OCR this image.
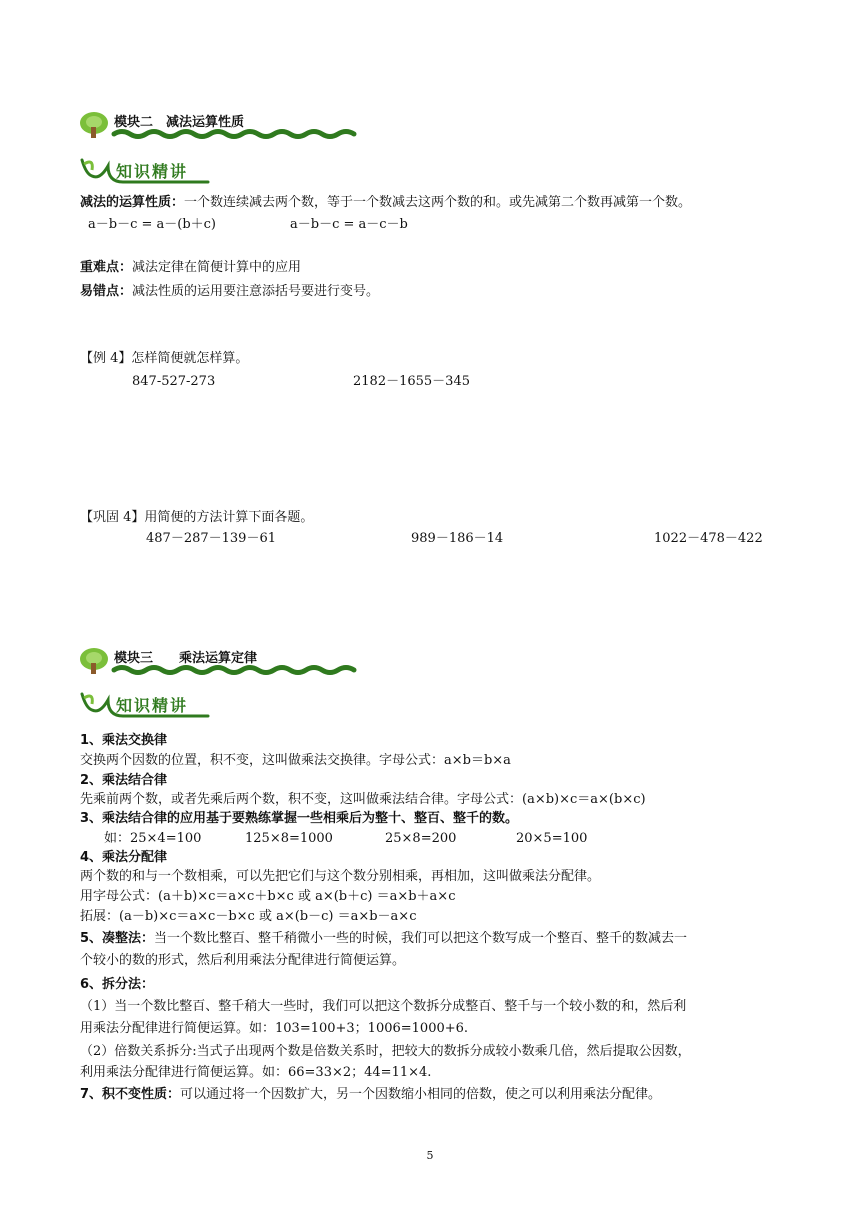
模块二　减法运算性质
知识精讲
减法的运算性质：一个数连续减去两个数，等于一个数减去这两个数的和。或先减第二个数再减第一个数。
a－b－c = a－(b＋c)	a－b－c = a－c－b
重难点：减法定律在简便计算中的应用
易错点：减法性质的运用要注意添括号要进行变号。
【例 4】怎样简便就怎样算。
847-527-273	2182－1655－345
【巩固 4】用简便的方法计算下面各题。
487－287－139－61	989－186－14	1022－478－422
模块三　　乘法运算定律
知识精讲
1、乘法交换律
交换两个因数的位置，积不变，这叫做乘法交换律。字母公式：a×b＝b×a
2、乘法结合律
先乘前两个数，或者先乘后两个数，积不变，这叫做乘法结合律。字母公式：(a×b)×c＝a×(b×c)
3、乘法结合律的应用基于要熟练掌握一些相乘后为整十、整百、整千的数。
如：25×4=100	125×8=1000	25×8=200	20×5=100
4、乘法分配律
两个数的和与一个数相乘，可以先把它们与这个数分别相乘，再相加，这叫做乘法分配律。
用字母公式：(a＋b)×c＝a×c＋b×c 或 a×(b＋c) ＝a×b＋a×c
拓展：(a－b)×c＝a×c－b×c 或 a×(b－c) ＝a×b－a×c
5、凑整法：当一个数比整百、整千稍微小一些的时候，我们可以把这个数写成一个整百、整千的数减去一
个较小的数的形式，然后利用乘法分配律进行简便运算。
6、拆分法：
（1）当一个数比整百、整千稍大一些时，我们可以把这个数拆分成整百、整千与一个较小数的和，然后利
用乘法分配律进行简便运算。如：103=100+3；1006=1000+6.
（2）倍数关系拆分:当式子出现两个数是倍数关系时，把较大的数拆分成较小数乘几倍，然后提取公因数，
利用乘法分配律进行简便运算。如：66=33×2；44=11×4.
7、积不变性质：可以通过将一个因数扩大，另一个因数缩小相同的倍数，使之可以利用乘法分配律。
5
